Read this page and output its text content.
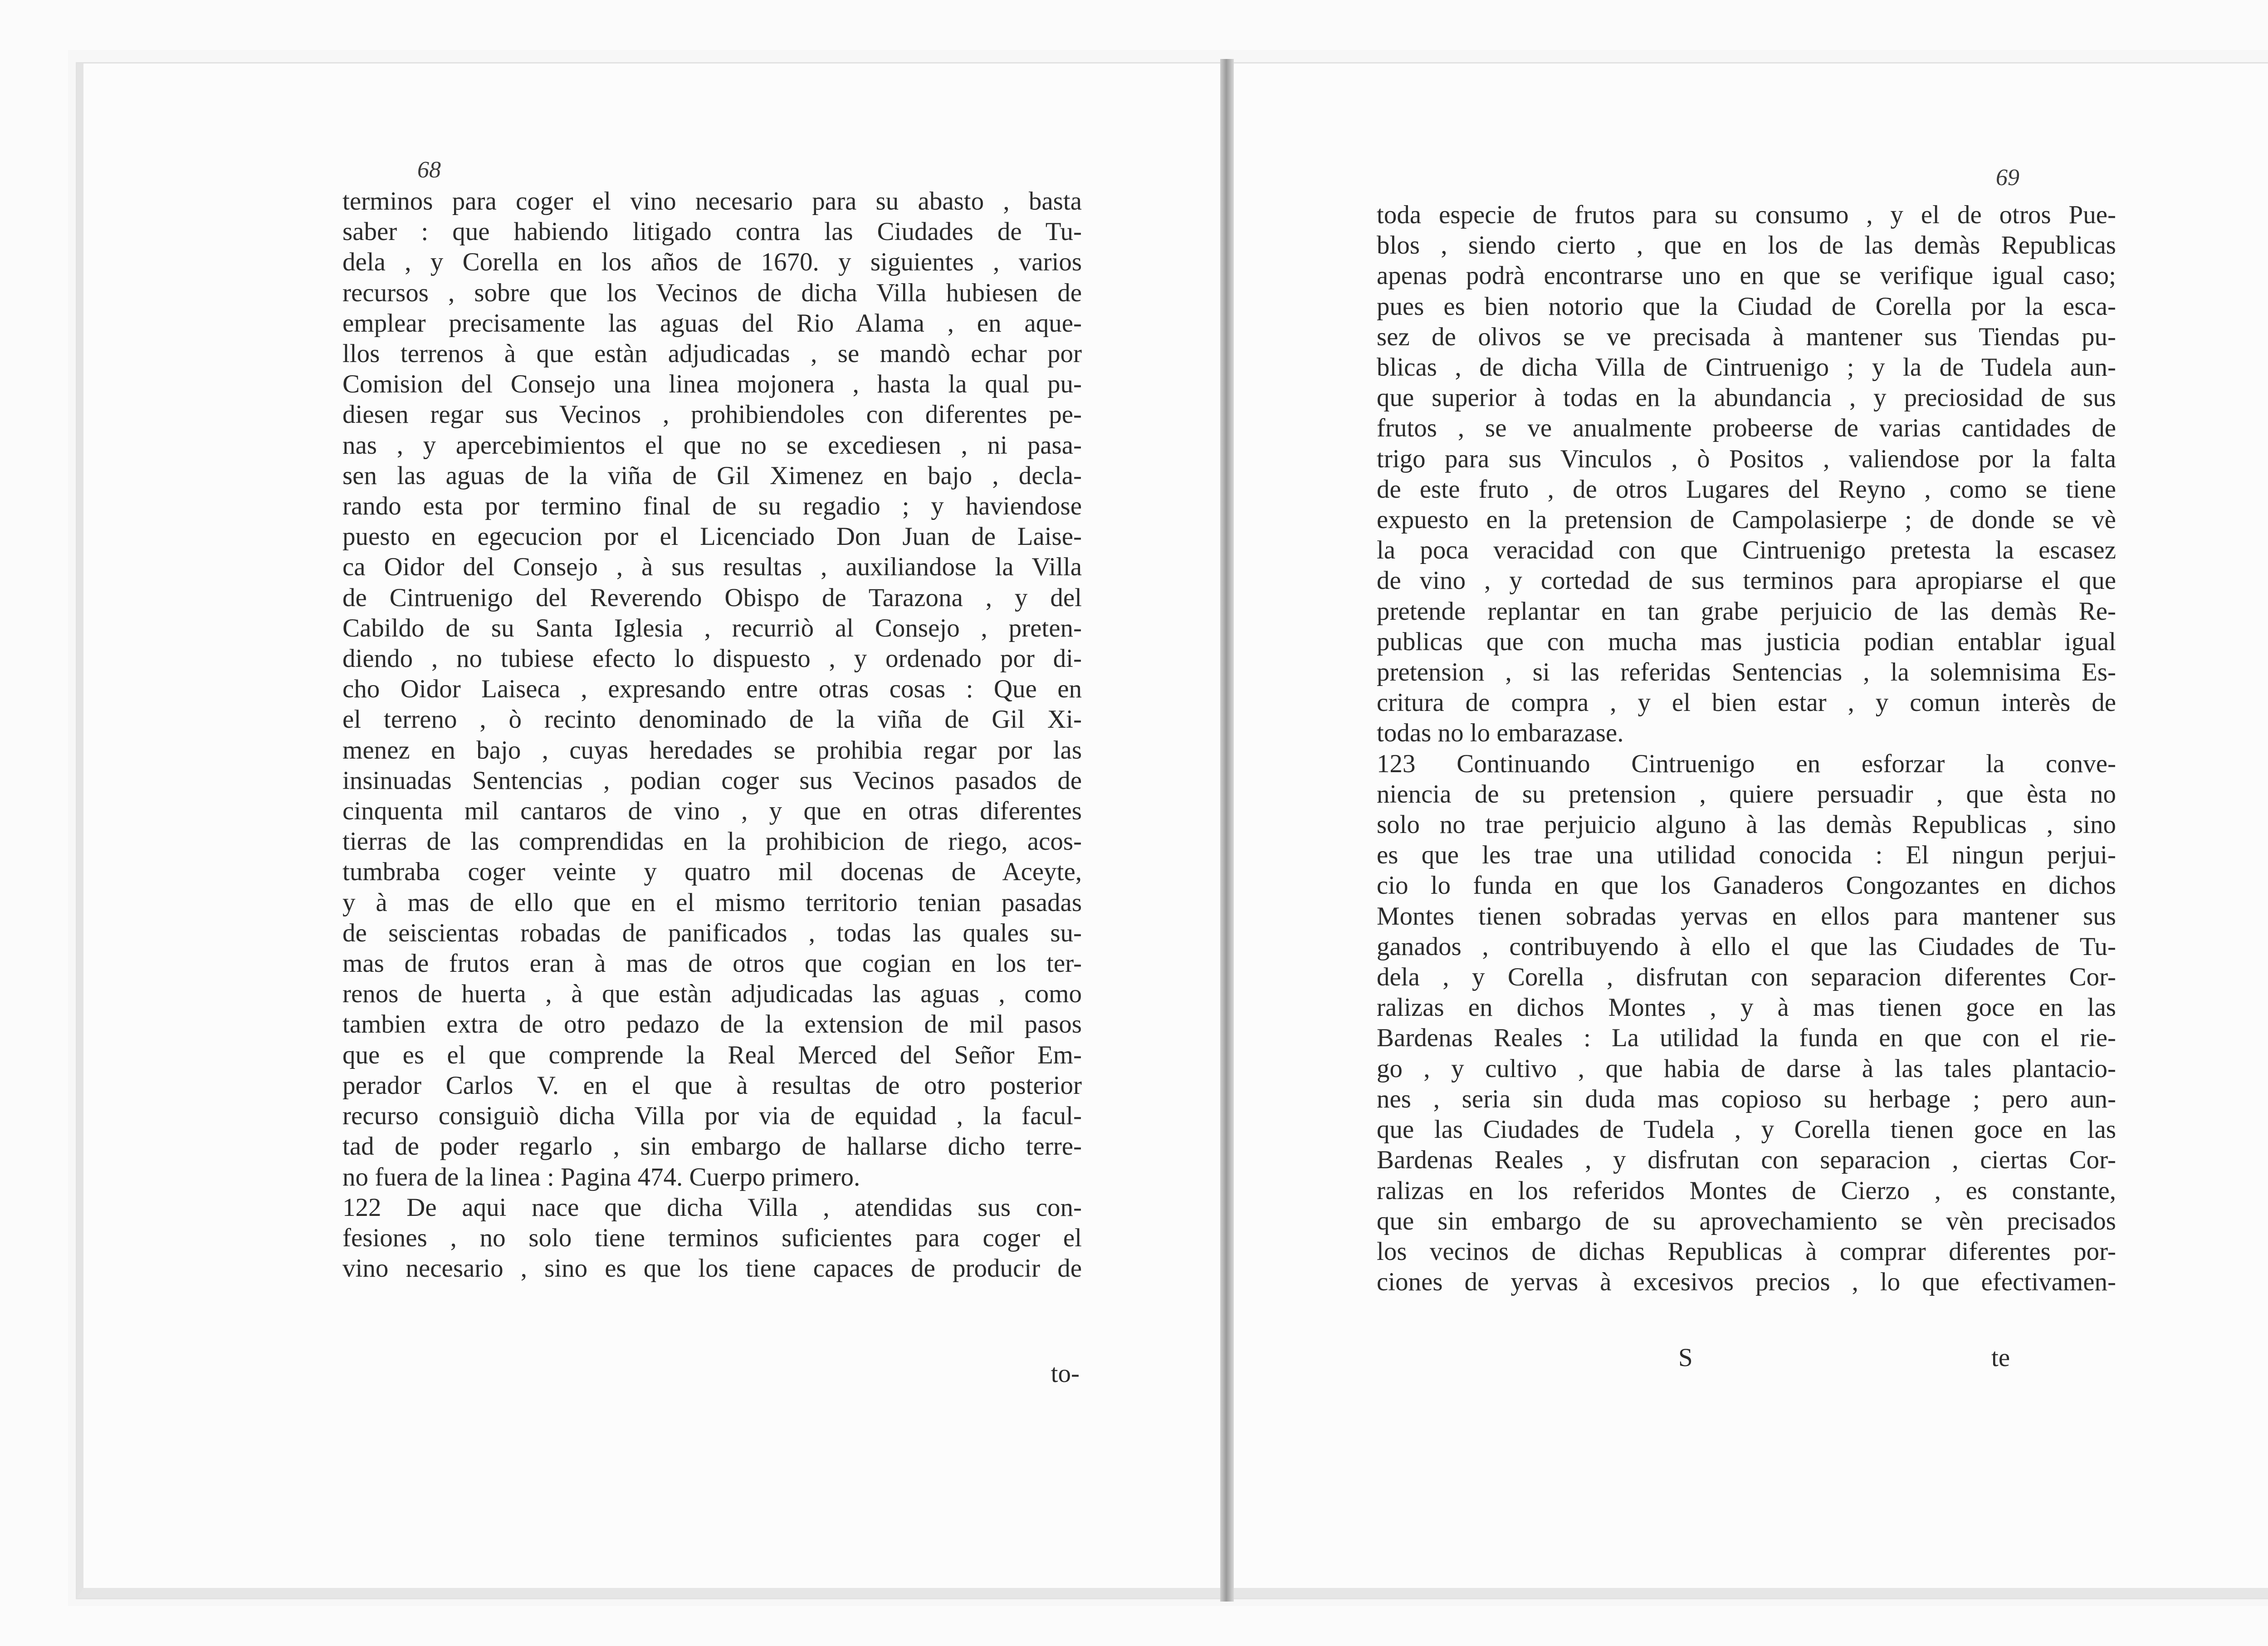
68	69
terminos para coger el vino necesario para su abasto , basta
saber : que habiendo litigado contra las Ciudades de Tu-
dela , y Corella en los años de 1670. y siguientes , varios
recursos , sobre que los Vecinos de dicha Villa hubiesen de
emplear precisamente las aguas del Rio Alama , en aque-
llos terrenos à que estàn adjudicadas , se mandò echar por
Comision del Consejo una linea mojonera , hasta la qual pu-
diesen regar sus Vecinos , prohibiendoles con diferentes pe-
nas , y apercebimientos el que no se excediesen , ni pasa-
sen las aguas de la viña de Gil Ximenez en bajo , decla-
rando esta por termino final de su regadio ; y haviendose
puesto en egecucion por el Licenciado Don Juan de Laise-
ca Oidor del Consejo , à sus resultas , auxiliandose la Villa
de Cintruenigo del Reverendo Obispo de Tarazona , y del
Cabildo de su Santa Iglesia , recurriò al Consejo , preten-
diendo , no tubiese efecto lo dispuesto , y ordenado por di-
cho Oidor Laiseca , expresando entre otras cosas : Que en
el terreno , ò recinto denominado de la viña de Gil Xi-
menez en bajo , cuyas heredades se prohibia regar por las
insinuadas Sentencias , podian coger sus Vecinos pasados de
cinquenta mil cantaros de vino , y que en otras diferentes
tierras de las comprendidas en la prohibicion de riego, acos-
tumbraba coger veinte y quatro mil docenas de Aceyte,
y à mas de ello que en el mismo territorio tenian pasadas
de seiscientas robadas de panificados , todas las quales su-
mas de frutos eran à mas de otros que cogian en los ter-
renos de huerta , à que estàn adjudicadas las aguas , como
tambien extra de otro pedazo de la extension de mil pasos
que es el que comprende la Real Merced del Señor Em-
perador Carlos V. en el que à resultas de otro posterior
recurso consiguiò dicha Villa por via de equidad , la facul-
tad de poder regarlo , sin embargo de hallarse dicho terre-
no fuera de la linea : Pagina 474. Cuerpo primero.
122 De aqui nace que dicha Villa , atendidas sus con-
fesiones , no solo tiene terminos suficientes para coger el
vino necesario , sino es que los tiene capaces de producir de
to-
toda especie de frutos para su consumo , y el de otros Pue-
blos , siendo cierto , que en los de las demàs Republicas
apenas podrà encontrarse uno en que se verifique igual caso;
pues es bien notorio que la Ciudad de Corella por la esca-
sez de olivos se ve precisada à mantener sus Tiendas pu-
blicas , de dicha Villa de Cintruenigo ; y la de Tudela aun-
que superior à todas en la abundancia , y preciosidad de sus
frutos , se ve anualmente probeerse de varias cantidades de
trigo para sus Vinculos , ò Positos , valiendose por la falta
de este fruto , de otros Lugares del Reyno , como se tiene
expuesto en la pretension de Campolasierpe ; de donde se vè
la poca veracidad con que Cintruenigo pretesta la escasez
de vino , y cortedad de sus terminos para apropiarse el que
pretende replantar en tan grabe perjuicio de las demàs Re-
publicas que con mucha mas justicia podian entablar igual
pretension , si las referidas Sentencias , la solemnisima Es-
critura de compra , y el bien estar , y comun interès de
todas no lo embarazase.
123 Continuando Cintruenigo en esforzar la conve-
niencia de su pretension , quiere persuadir , que èsta no
solo no trae perjuicio alguno à las demàs Republicas , sino
es que les trae una utilidad conocida : El ningun perjui-
cio lo funda en que los Ganaderos Congozantes en dichos
Montes tienen sobradas yervas en ellos para mantener sus
ganados , contribuyendo à ello el que las Ciudades de Tu-
dela , y Corella , disfrutan con separacion diferentes Cor-
ralizas en dichos Montes , y à mas tienen goce en las
Bardenas Reales : La utilidad la funda en que con el rie-
go , y cultivo , que habia de darse à las tales plantacio-
nes , seria sin duda mas copioso su herbage ; pero aun-
que las Ciudades de Tudela , y Corella tienen goce en las
Bardenas Reales , y disfrutan con separacion , ciertas Cor-
ralizas en los referidos Montes de Cierzo , es constante,
que sin embargo de su aprovechamiento se vèn precisados
los vecinos de dichas Republicas à comprar diferentes por-
ciones de yervas à excesivos precios , lo que efectivamen-
S	te
